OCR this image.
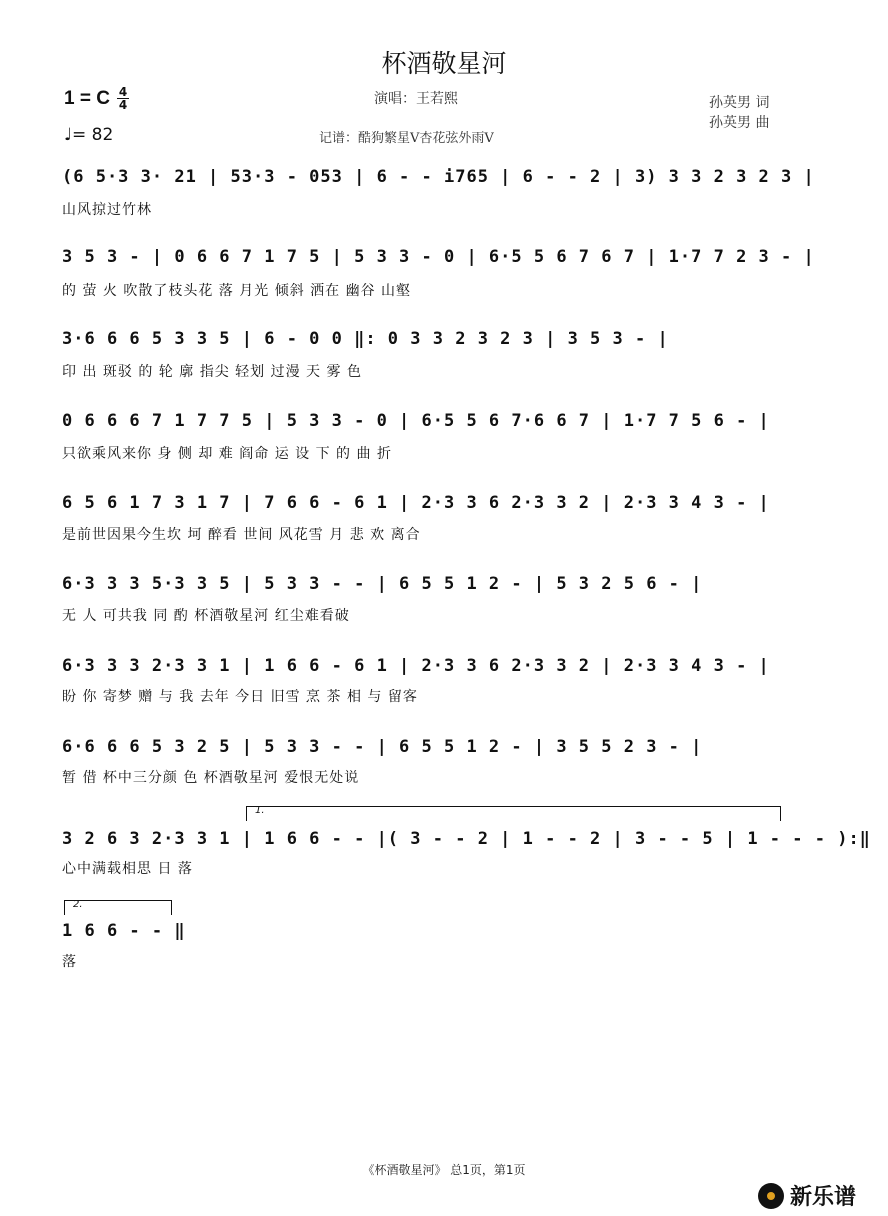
杯酒敬星河
1 = C 4
4
♩= 82
演唱：王若熙
记谱：酷狗繁星V杏花弦外雨V
孙英男 词
孙英男 曲
(6 5·3 3· 21 | 53·3 - 053 | 6 - - i765 | 6 - - 2 | 3) 3 3 2 3 2 3 |
山风掠过竹林
3 5 3 - | 0 6 6 7 1 7 5 | 5 3 3 - 0 | 6·5 5 6 7 6 7 | 1·7 7 2 3 - |
的 萤 火 吹散了枝头花 落 月光 倾斜 洒在 幽谷 山壑
3·6 6 6 5 3 3 5 | 6 - 0 0 ‖: 0 3 3 2 3 2 3 | 3 5 3 - |
印 出 斑驳 的 轮 廓 指尖 轻划 过漫 天 雾 色
0 6 6 6 7 1 7 7 5 | 5 3 3 - 0 | 6·5 5 6 7·6 6 7 | 1·7 7 5 6 - |
只欲乘风来你 身 侧 却 难 阎命 运 设 下 的 曲 折
6 5 6 1 7 3 1 7 | 7 6 6 - 6 1 | 2·3 3 6 2·3 3 2 | 2·3 3 4 3 - |
是前世因果今生坎 坷 醉看 世间 风花雪 月 悲 欢 离合
6·3 3 3 5·3 3 5 | 5 3 3 - - | 6 5 5 1 2 - | 5 3 2 5 6 - |
无 人 可共我 同 酌 杯酒敬星河 红尘难看破
6·3 3 3 2·3 3 1 | 1 6 6 - 6 1 | 2·3 3 6 2·3 3 2 | 2·3 3 4 3 - |
盼 你 寄梦 赠 与 我 去年 今日 旧雪 烹 茶 相 与 留客
6·6 6 6 5 3 2 5 | 5 3 3 - - | 6 5 5 1 2 - | 3 5 5 2 3 - |
暂 借 杯中三分颜 色 杯酒敬星河 爱恨无处说
1.
3 2 6 3 2·3 3 1 | 1 6 6 - - |( 3 - - 2 | 1 - - 2 | 3 - - 5 | 1 - - - ):‖
心中满载相思 日 落
2.
1 6 6 - - ‖
落
《杯酒敬星河》 总1页，第1页
新乐谱
